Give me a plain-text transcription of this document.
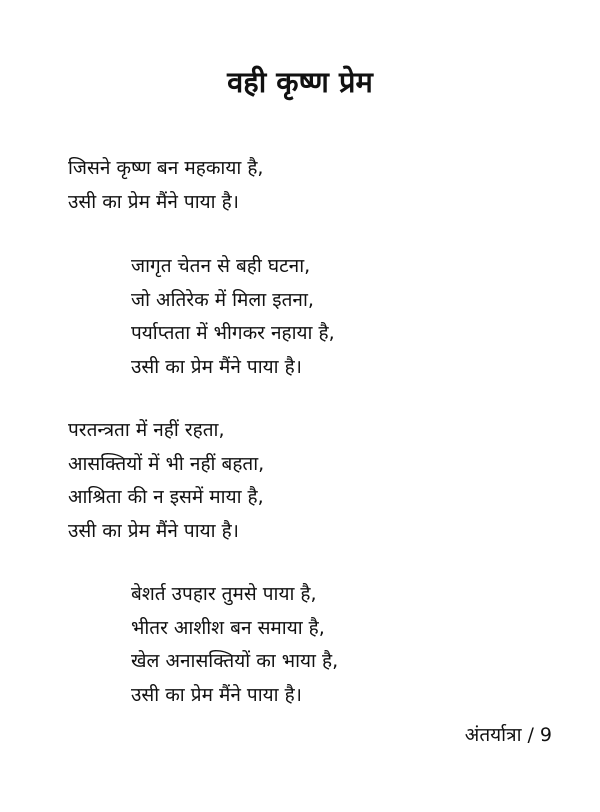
वही कृष्ण प्रेम
जिसने कृष्ण बन महकाया है,
उसी का प्रेम मैंने पाया है।
जागृत चेतन से बही घटना,
जो अतिरेक में मिला इतना,
पर्याप्तता में भीगकर नहाया है,
उसी का प्रेम मैंने पाया है।
परतन्त्रता में नहीं रहता,
आसक्तियों में भी नहीं बहता,
आश्रिता की न इसमें माया है,
उसी का प्रेम मैंने पाया है।
बेशर्त उपहार तुमसे पाया है,
भीतर आशीश बन समाया है,
खेल अनासक्तियों का भाया है,
उसी का प्रेम मैंने पाया है।
अंतर्यात्रा / 9
